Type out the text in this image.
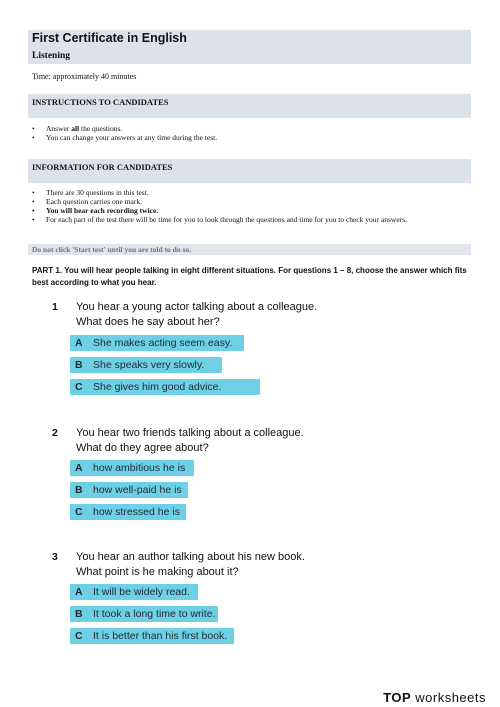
First Certificate in English
Listening
Time: approximately 40 minutes
INSTRUCTIONS TO CANDIDATES
• Answer all the questions.
• You can change your answers at any time during the test.
INFORMATION FOR CANDIDATES
• There are 30 questions in this test.
• Each question carries one mark.
• You will hear each recording twice.
• For each part of the test there will be time for you to look through the questions and time for you to check your answers.
Do not click 'Start test' until you are told to do so.
PART 1. You will hear people talking in eight different situations. For questions 1 – 8, choose the answer which fits best according to what you hear.
1 You hear a young actor talking about a colleague.
What does he say about her?
A She makes acting seem easy.
B She speaks very slowly.
C She gives him good advice.
2 You hear two friends talking about a colleague.
What do they agree about?
A how ambitious he is
B how well-paid he is
C how stressed he is
3 You hear an author talking about his new book.
What point is he making about it?
A It will be widely read.
B It took a long time to write.
C It is better than his first book.
TOP worksheets
